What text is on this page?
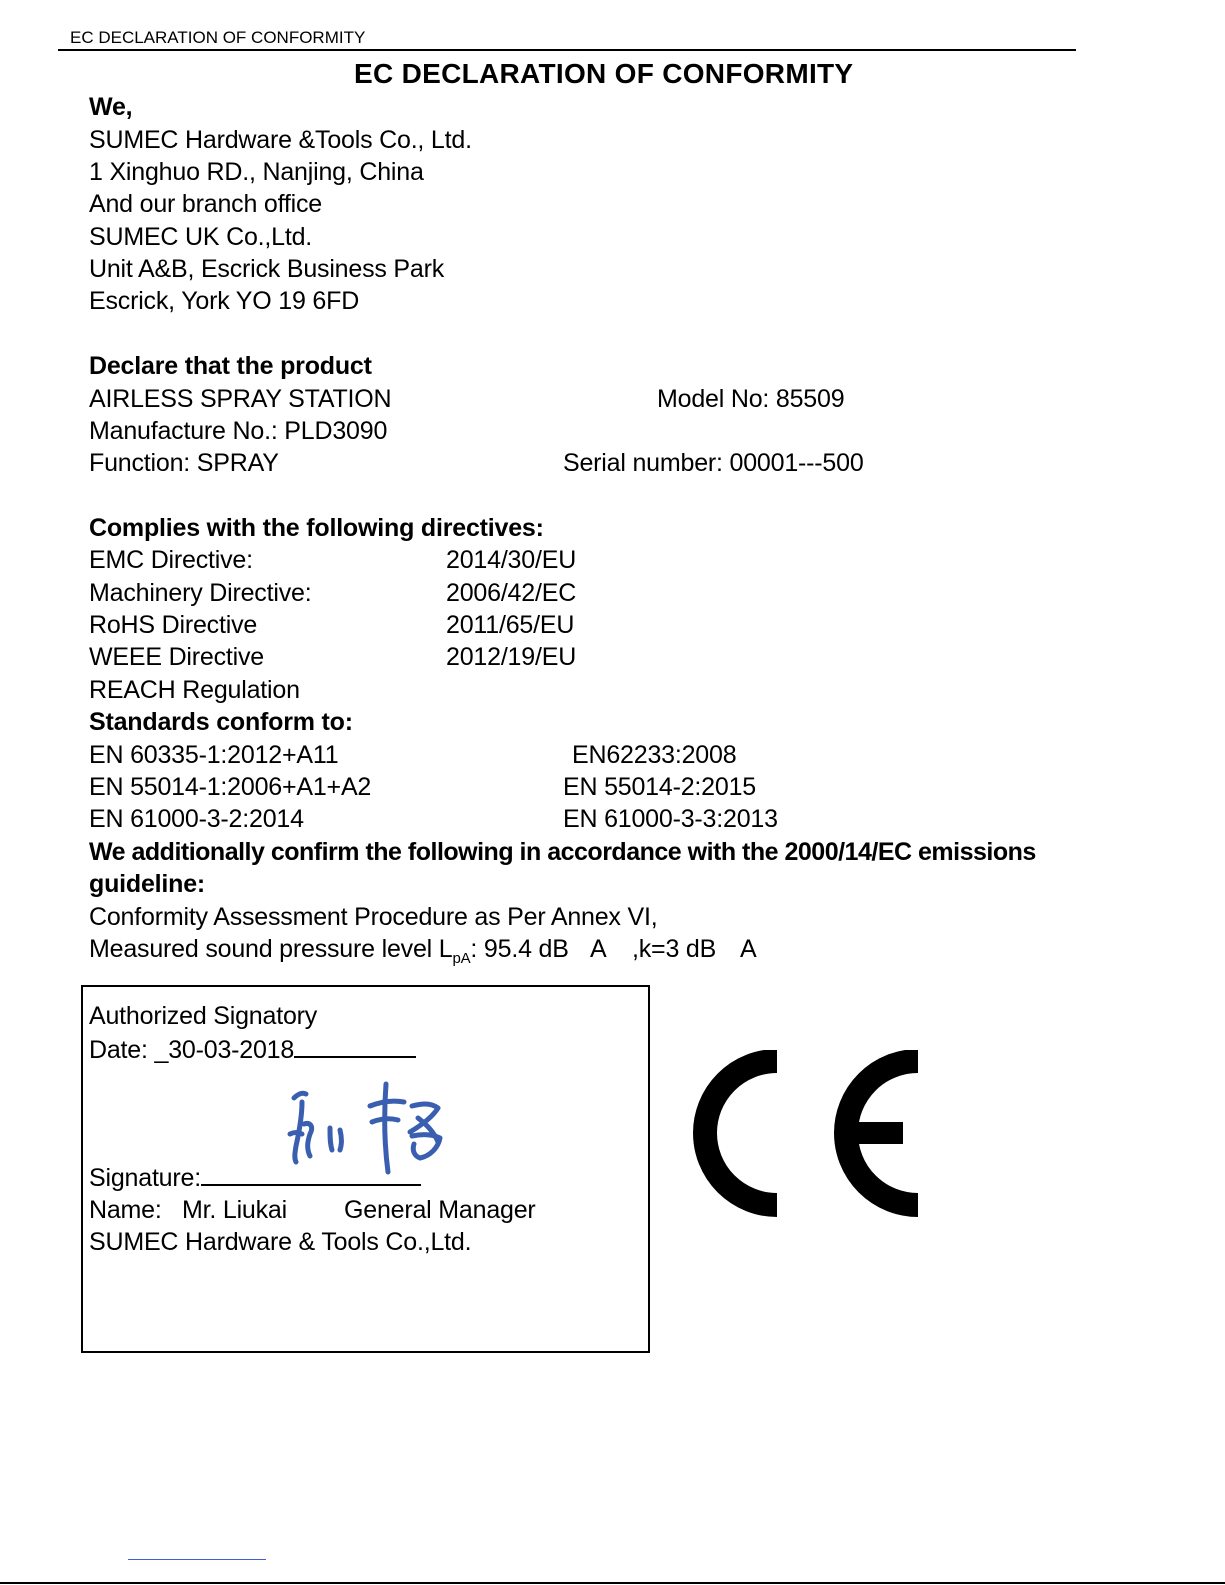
EC DECLARATION OF CONFORMITY
EC DECLARATION OF CONFORMITY
We,
SUMEC Hardware &Tools Co., Ltd.
1 Xinghuo RD., Nanjing, China
And our branch office
SUMEC UK Co.,Ltd.
Unit A&B, Escrick Business Park
Escrick, York YO 19 6FD
Declare that the product
AIRLESS SPRAY STATION	Model No: 85509
Manufacture No.: PLD3090
Function: SPRAY	Serial number: 00001---500
Complies with the following directives:
EMC Directive:	2014/30/EU
Machinery Directive:	2006/42/EC
RoHS Directive	2011/65/EU
WEEE Directive	2012/19/EU
REACH Regulation
Standards conform to:
EN 60335-1:2012+A11	EN62233:2008
EN 55014-1:2006+A1+A2	EN 55014-2:2015
EN 61000-3-2:2014	EN 61000-3-3:2013
We additionally confirm the following in accordance with the 2000/14/EC emissions
guideline:
Conformity Assessment Procedure as Per Annex VI,
Measured sound pressure level $L_{pA}$: 95.4 dB A ,k=3 dB A
Authorized Signatory
Date: _30-03-2018
Signature:
Name: Mr. Liukai General Manager
SUMEC Hardware & Tools Co.,Ltd.
